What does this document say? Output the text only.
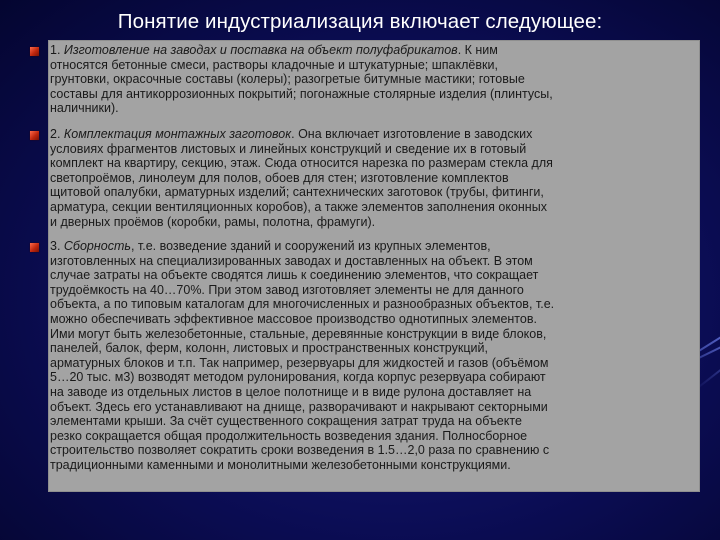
Понятие индустриализация включает следующее:
1. Изготовление на заводах и поставка на объект полуфабрикатов. К ним
относятся бетонные смеси, растворы кладочные и штукатурные; шпаклёвки,
грунтовки, окрасочные составы (колеры); разогретые битумные мастики; готовые
составы для антикоррозионных покрытий; погонажные столярные изделия (плинтусы,
наличники).
2. Комплектация монтажных заготовок. Она включает изготовление в заводских
условиях фрагментов листовых и линейных конструкций и сведение их в готовый
комплект на квартиру, секцию, этаж. Сюда относится нарезка по размерам стекла для
светопроёмов, линолеум для полов, обоев для стен; изготовление комплектов
щитовой опалубки, арматурных изделий; сантехнических заготовок (трубы, фитинги,
арматура, секции вентиляционных коробов), а также элементов заполнения оконных
и дверных проёмов (коробки, рамы, полотна, фрамуги).
3. Сборность, т.е. возведение зданий и сооружений из крупных элементов,
изготовленных на специализированных заводах и доставленных на объект. В этом
случае затраты на объекте сводятся лишь к соединению элементов, что сокращает
трудоёмкость на 40…70%. При этом завод изготовляет элементы не для данного
объекта, а по типовым каталогам для многочисленных и разнообразных объектов, т.е.
можно обеспечивать эффективное массовое производство однотипных элементов.
Ими могут быть железобетонные, стальные, деревянные конструкции в виде блоков,
панелей, балок, ферм, колонн, листовых и пространственных конструкций,
арматурных блоков и т.п. Так например, резервуары для жидкостей и газов (объёмом
5…20 тыс. м3) возводят методом рулонирования, когда корпус резервуара собирают
на заводе из отдельных листов в целое полотнище и в виде рулона доставляет на
объект. Здесь его устанавливают на днище, разворачивают и накрывают секторными
элементами крыши. За счёт существенного сокращения затрат труда на объекте
резко сокращается общая продолжительность возведения здания. Полносборное
строительство позволяет сократить сроки возведения в 1.5…2,0 раза по сравнению с
традиционными каменными и монолитными железобетонными конструкциями.
